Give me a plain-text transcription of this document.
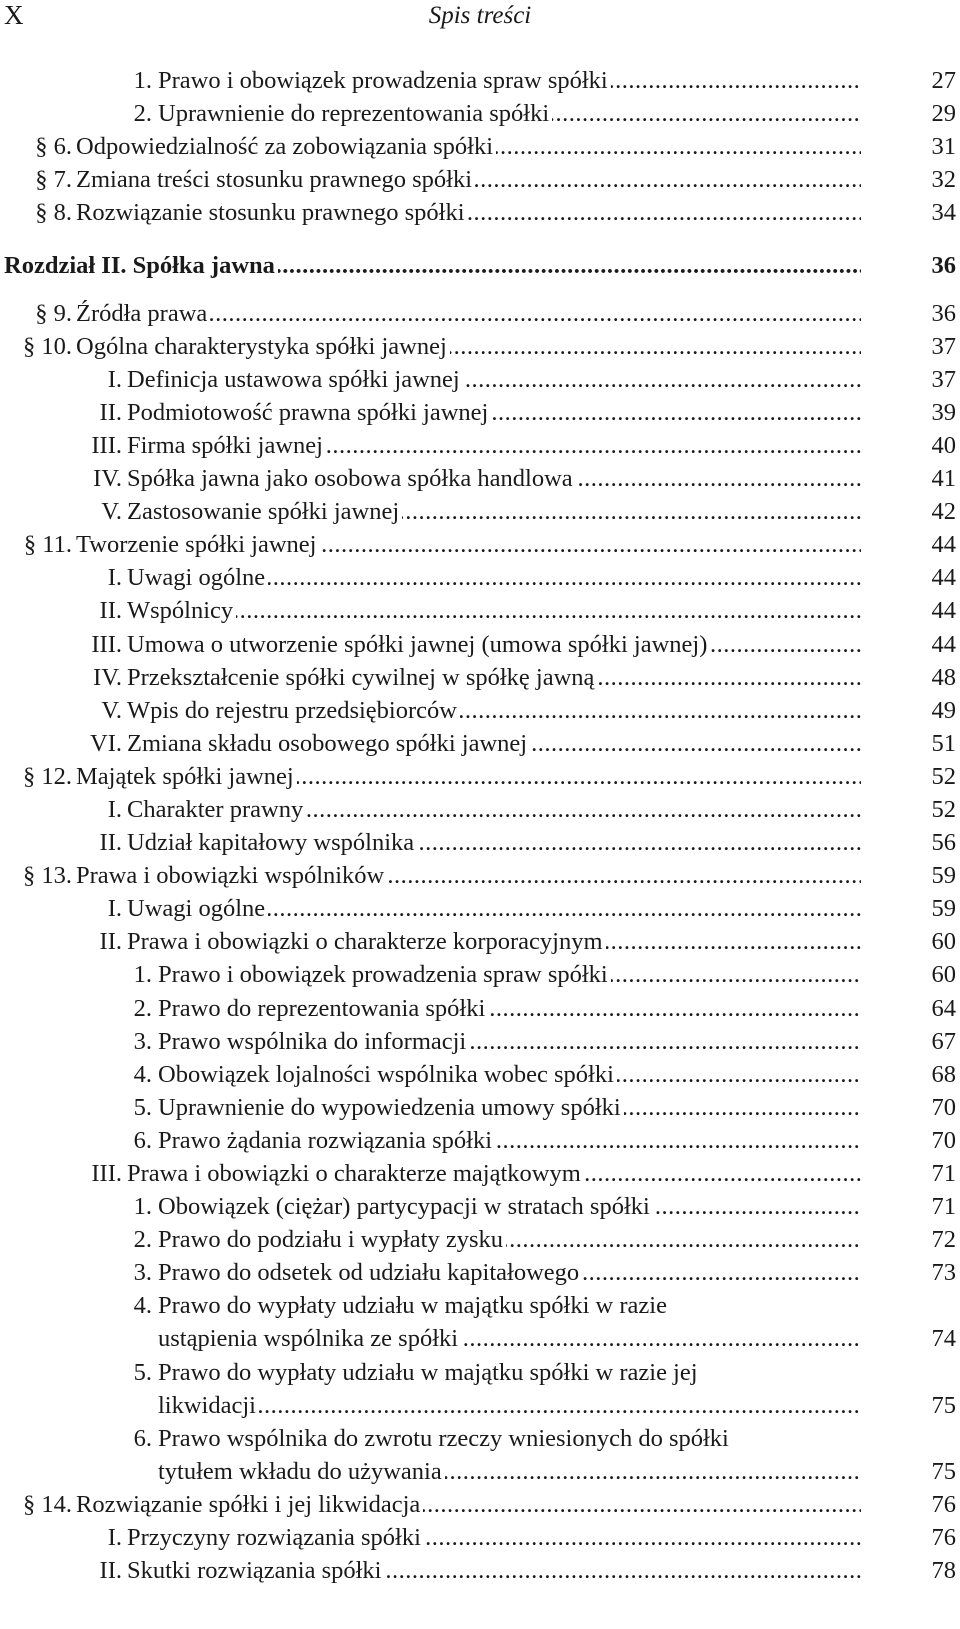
X	Spis treści
1. Prawo i obowiązek prowadzenia spraw spółki .....	27
2. Uprawnienie do reprezentowania spółki .....	29
§ 6. Odpowiedzialność za zobowiązania spółki .....	31
§ 7. Zmiana treści stosunku prawnego spółki .....	32
§ 8. Rozwiązanie stosunku prawnego spółki .....	34
Rozdział II. Spółka jawna .....	36
§ 9. Źródła prawa .....	36
§ 10. Ogólna charakterystyka spółki jawnej .....	37
I. Definicja ustawowa spółki jawnej .....	37
II. Podmiotowość prawna spółki jawnej .....	39
III. Firma spółki jawnej .....	40
IV. Spółka jawna jako osobowa spółka handlowa .....	41
V. Zastosowanie spółki jawnej .....	42
§ 11. Tworzenie spółki jawnej .....	44
I. Uwagi ogólne .....	44
II. Wspólnicy .....	44
III. Umowa o utworzenie spółki jawnej (umowa spółki jawnej) .....	44
IV. Przekształcenie spółki cywilnej w spółkę jawną .....	48
V. Wpis do rejestru przedsiębiorców .....	49
VI. Zmiana składu osobowego spółki jawnej .....	51
§ 12. Majątek spółki jawnej .....	52
I. Charakter prawny .....	52
II. Udział kapitałowy wspólnika .....	56
§ 13. Prawa i obowiązki wspólników .....	59
I. Uwagi ogólne .....	59
II. Prawa i obowiązki o charakterze korporacyjnym .....	60
1. Prawo i obowiązek prowadzenia spraw spółki .....	60
2. Prawo do reprezentowania spółki .....	64
3. Prawo wspólnika do informacji .....	67
4. Obowiązek lojalności wspólnika wobec spółki .....	68
5. Uprawnienie do wypowiedzenia umowy spółki .....	70
6. Prawo żądania rozwiązania spółki .....	70
III. Prawa i obowiązki o charakterze majątkowym .....	71
1. Obowiązek (ciężar) partycypacji w stratach spółki .....	71
2. Prawo do podziału i wypłaty zysku .....	72
3. Prawo do odsetek od udziału kapitałowego .....	73
4. Prawo do wypłaty udziału w majątku spółki w razie
ustąpienia wspólnika ze spółki .....	74
5. Prawo do wypłaty udziału w majątku spółki w razie jej
likwidacji .....	75
6. Prawo wspólnika do zwrotu rzeczy wniesionych do spółki
tytułem wkładu do używania .....	75
§ 14. Rozwiązanie spółki i jej likwidacja .....	76
I. Przyczyny rozwiązania spółki .....	76
II. Skutki rozwiązania spółki .....	78
